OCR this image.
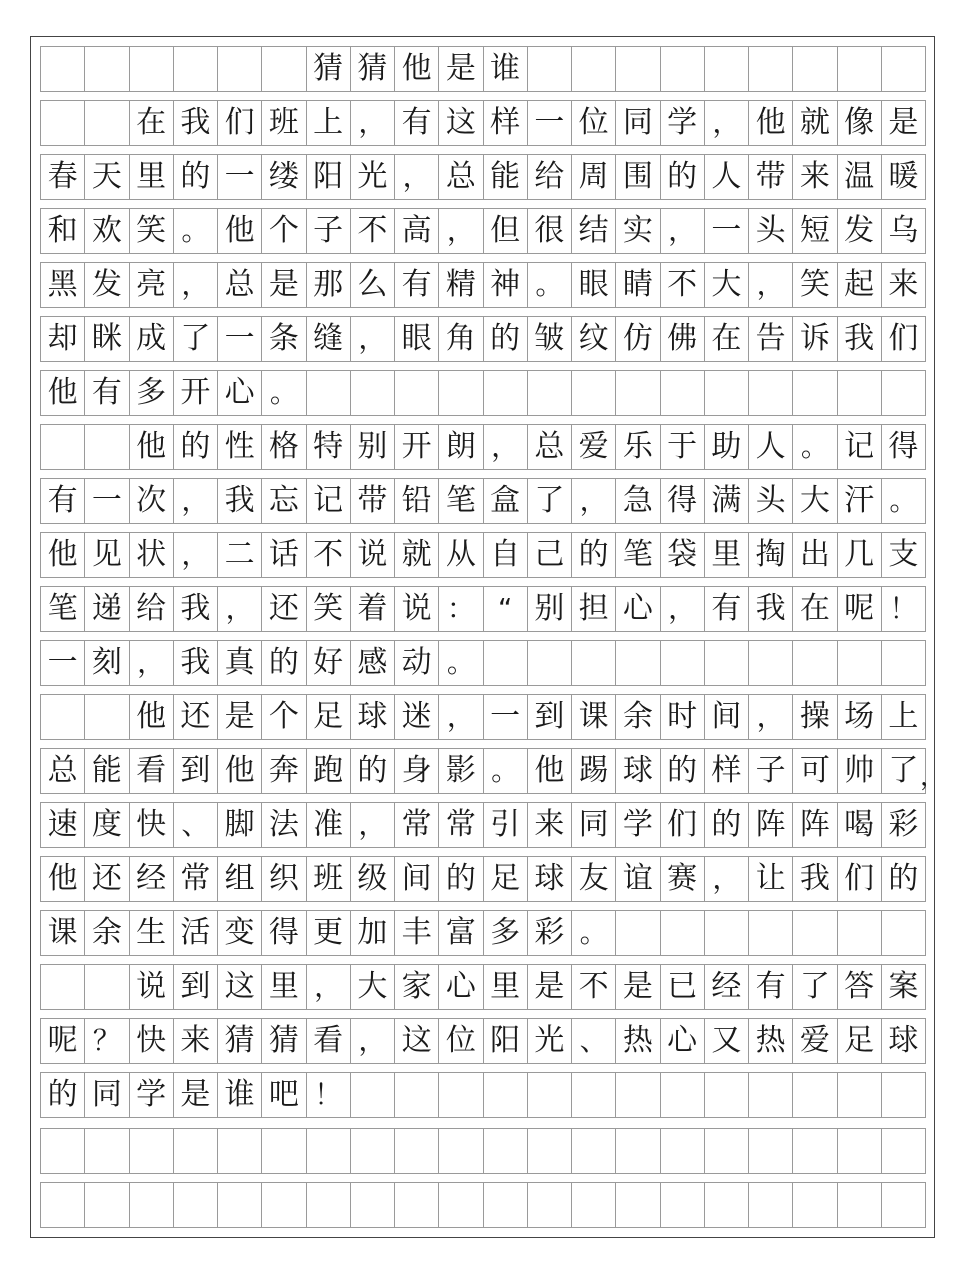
猜 猜 他 是 谁
在 我 们 班 上 ， 有 这 样 一 位 同 学 ， 他 就 像 是
春 天 里 的 一 缕 阳 光 ， 总 能 给 周 围 的 人 带 来 温 暖
和 欢 笑 。 他 个 子 不 高 ， 但 很 结 实 ， 一 头 短 发 乌
黑 发 亮 ， 总 是 那 么 有 精 神 。 眼 睛 不 大 ， 笑 起 来
却 眯 成 了 一 条 缝 ， 眼 角 的 皱 纹 仿 佛 在 告 诉 我 们
他 有 多 开 心 。
他 的 性 格 特 别 开 朗 ， 总 爱 乐 于 助 人 。 记 得
有 一 次 ， 我 忘 记 带 铅 笔 盒 了 ， 急 得 满 头 大 汗 。
他 见 状 ， 二 话 不 说 就 从 自 己 的 笔 袋 里 掏 出 几 支
笔 递 给 我 ， 还 笑 着 说 ： “ 别 担 心 ， 有 我 在 呢 ！
一 刻 ， 我 真 的 好 感 动 。
他 还 是 个 足 球 迷 ， 一 到 课 余 时 间 ， 操 场 上
总 能 看 到 他 奔 跑 的 身 影 。 他 踢 球 的 样 子 可 帅 了
速 度 快 、 脚 法 准 ， 常 常 引 来 同 学 们 的 阵 阵 喝 彩
他 还 经 常 组 织 班 级 间 的 足 球 友 谊 赛 ， 让 我 们 的
课 余 生 活 变 得 更 加 丰 富 多 彩 。
说 到 这 里 ， 大 家 心 里 是 不 是 已 经 有 了 答 案
呢 ？ 快 来 猜 猜 看 ， 这 位 阳 光 、 热 心 又 热 爱 足 球
的 同 学 是 谁 吧 ！
，
